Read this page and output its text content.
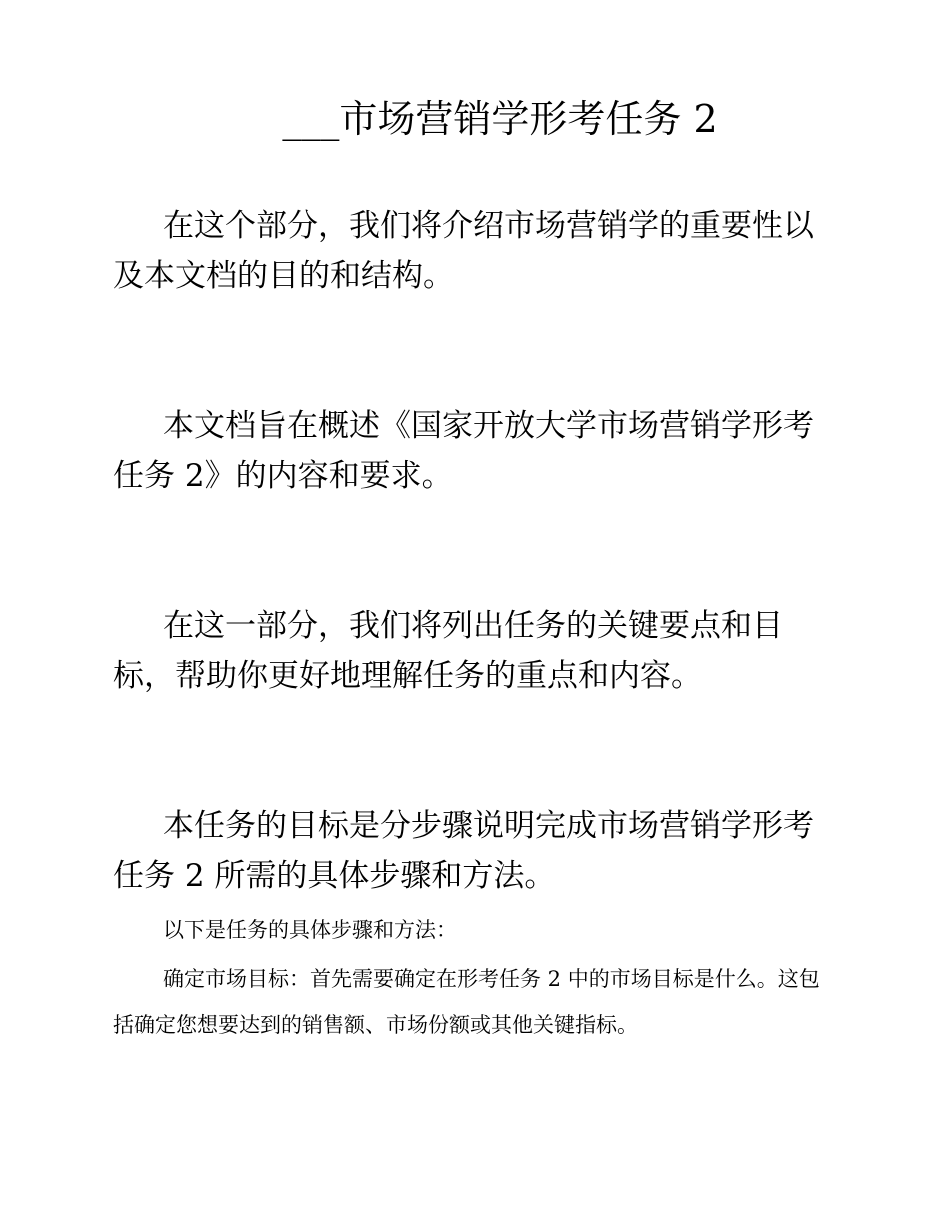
___市场营销学形考任务 2

在这个部分，我们将介绍市场营销学的重要性以及本文档的目的和结构。

本文档旨在概述《国家开放大学市场营销学形考任务 2》的内容和要求。

在这一部分，我们将列出任务的关键要点和目标，帮助你更好地理解任务的重点和内容。

本任务的目标是分步骤说明完成市场营销学形考任务 2 所需的具体步骤和方法。

以下是任务的具体步骤和方法：

确定市场目标：首先需要确定在形考任务 2 中的市场目标是什么。这包括确定您想要达到的销售额、市场份额或其他关键指标。
